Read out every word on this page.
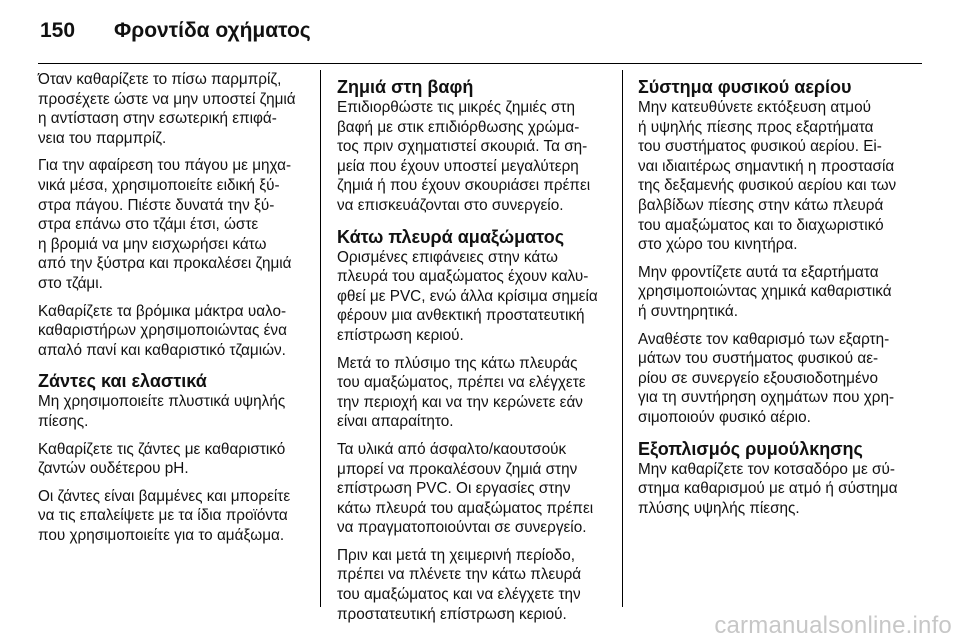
150	Φροντίδα οχήματος

Όταν καθαρίζετε το πίσω παρμπρίζ,
προσέχετε ώστε να μην υποστεί ζημιά
η αντίσταση στην εσωτερική επιφά-
νεια του παρμπρίζ.

Για την αφαίρεση του πάγου με μηχα-
νικά μέσα, χρησιμοποιείτε ειδική ξύ-
στρα πάγου. Πιέστε δυνατά την ξύ-
στρα επάνω στο τζάμι έτσι, ώστε
η βρομιά να μην εισχωρήσει κάτω
από την ξύστρα και προκαλέσει ζημιά
στο τζάμι.

Καθαρίζετε τα βρόμικα μάκτρα υαλο-
καθαριστήρων χρησιμοποιώντας ένα
απαλό πανί και καθαριστικό τζαμιών.

Ζάντες και ελαστικά

Μη χρησιμοποιείτε πλυστικά υψηλής
πίεσης.

Καθαρίζετε τις ζάντες με καθαριστικό
ζαντών ουδέτερου pH.

Οι ζάντες είναι βαμμένες και μπορείτε
να τις επαλείψετε με τα ίδια προϊόντα
που χρησιμοποιείτε για το αμάξωμα.

Ζημιά στη βαφή

Επιδιορθώστε τις μικρές ζημιές στη
βαφή με στικ επιδιόρθωσης χρώμα-
τος πριν σχηματιστεί σκουριά. Τα ση-
μεία που έχουν υποστεί μεγαλύτερη
ζημιά ή που έχουν σκουριάσει πρέπει
να επισκευάζονται στο συνεργείο.

Κάτω πλευρά αμαξώματος

Ορισμένες επιφάνειες στην κάτω
πλευρά του αμαξώματος έχουν καλυ-
φθεί με PVC, ενώ άλλα κρίσιμα σημεία
φέρουν μια ανθεκτική προστατευτική
επίστρωση κεριού.

Μετά το πλύσιμο της κάτω πλευράς
του αμαξώματος, πρέπει να ελέγχετε
την περιοχή και να την κερώνετε εάν
είναι απαραίτητο.

Τα υλικά από άσφαλτο/καουτσούκ
μπορεί να προκαλέσουν ζημιά στην
επίστρωση PVC. Οι εργασίες στην
κάτω πλευρά του αμαξώματος πρέπει
να πραγματοποιούνται σε συνεργείο.

Πριν και μετά τη χειμερινή περίοδο,
πρέπει να πλένετε την κάτω πλευρά
του αμαξώματος και να ελέγχετε την
προστατευτική επίστρωση κεριού.

Σύστημα φυσικού αερίου

Μην κατευθύνετε εκτόξευση ατμού
ή υψηλής πίεσης προς εξαρτήματα
του συστήματος φυσικού αερίου. Ei-
ναι ιδιαιτέρως σημαντική η προστασία
της δεξαμενής φυσικού αερίου και των
βαλβίδων πίεσης στην κάτω πλευρά
του αμαξώματος και το διαχωριστικό
στο χώρο του κινητήρα.

Μην φροντίζετε αυτά τα εξαρτήματα
χρησιμοποιώντας χημικά καθαριστικά
ή συντηρητικά.

Αναθέστε τον καθαρισμό των εξαρτη-
μάτων του συστήματος φυσικού αε-
ρίου σε συνεργείο εξουσιοδοτημένο
για τη συντήρηση οχημάτων που χρη-
σιμοποιούν φυσικό αέριο.

Εξοπλισμός ρυμούλκησης

Μην καθαρίζετε τον κοτσαδόρο με σύ-
στημα καθαρισμού με ατμό ή σύστημα
πλύσης υψηλής πίεσης.

carmanualsonline.info
